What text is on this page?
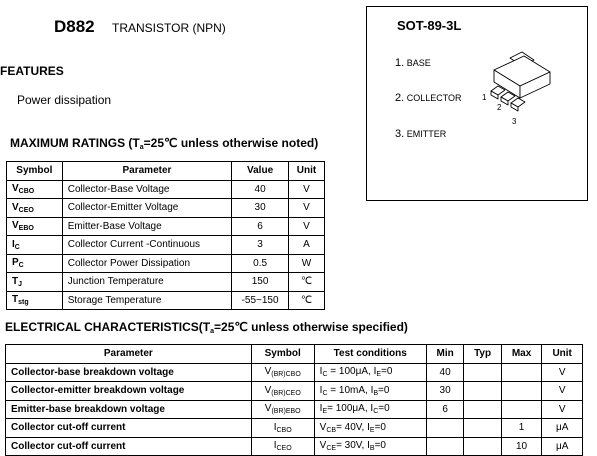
D882 TRANSISTOR (NPN)
FEATURES
Power dissipation
SOT-89-3L
1. BASE
2. COLLECTOR
3. EMITTER
1
2
3
MAXIMUM RATINGS ($T_a=25℃$ unless otherwise noted)
Symbol	Parameter	Value	Unit
$V_{CBO}$	Collector-Base Voltage	40	V
$V_{CEO}$	Collector-Emitter Voltage	30	V
$V_{EBO}$	Emitter-Base Voltage	6	V
$I_C$	Collector Current -Continuous	3	A
$P_C$	Collector Power Dissipation	0.5	W
$T_J$	Junction Temperature	150	℃
$T_{stg}$	Storage Temperature	-55~150	℃
ELECTRICAL $CHARACTERISTICS(T_a=25℃$ unless otherwise specified)
Parameter	Symbol	Test conditions	Min	Typ	Max	Unit
Collector-base breakdown voltage	$V_{(BR)CBO}$	$I_C = 100\mu A$, $I_E=0$	40			V
Collector-emitter breakdown voltage	$V_{(BR)CEO}$	$I_C = 10mA$, $I_B=0$	30			V
Emitter-base breakdown voltage	$V_{(BR)EBO}$	$I_E= 100\mu A$, $I_C=0$	6			V
Collector cut-off current	$I_{CBO}$	$V_{CB}= 40V$, $I_E=0$			1	μA
Collector cut-off current	$I_{CEO}$	$V_{CE}= 30V$, $I_B=0$			10	μA
